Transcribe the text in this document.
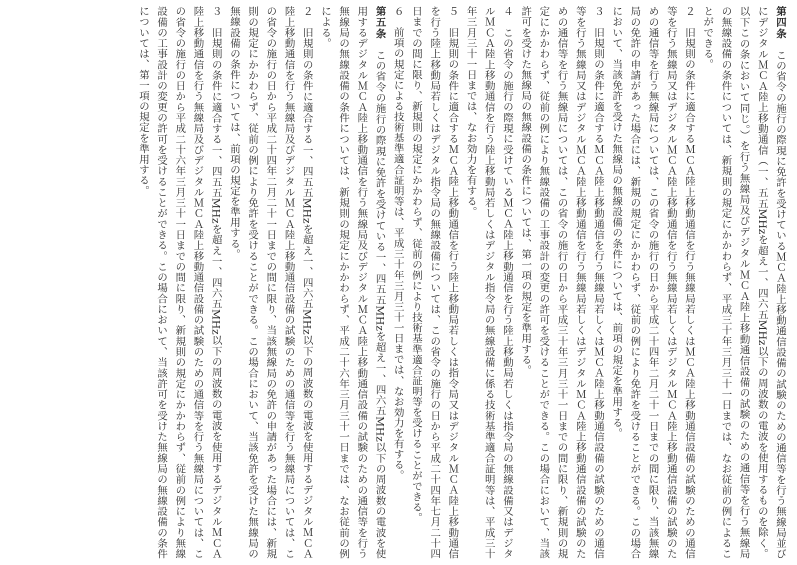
第四条　この省令の施行の際現に免許を受けているＭＣＡ陸上移動通信設備の試験のための通信等を行う無線局並びにデジタルＭＣＡ陸上移動通信（一、五五MHzを超え一、四六五MHz以下の周波数の電波を使用するものを除く。以下この条において同じ。）を行う無線局及びデジタルＭＣＡ陸上移動通信設備の試験のための通信等を行う無線局の無線設備の条件については、新規則の規定にかかわらず、平成三十年三月三十一日までは、なお従前の例によることができる。

２　旧規則の条件に適合するＭＣＡ陸上移動通信を行う無線局若しくはＭＣＡ陸上移動通信設備の試験のための通信等を行う無線局又はデジタルＭＣＡ陸上移動通信を行う無線局若しくはデジタルＭＣＡ陸上移動通信設備の試験のための通信等を行う無線局については、この省令の施行の日から平成二十四年二月二十一日までの間に限り、当該無線局の免許の申請があった場合には、新規の規定にかかわらず、従前の例により免許を受けることができる。この場合において、当該免許を受けた無線局の無線設備の条件については、前項の規定を準用する。

３　旧規則の条件に適合するＭＣＡ陸上移動通信を行う無線局若しくはＭＣＡ陸上移動通信設備の試験のための通信等を行う無線局又はデジタルＭＣＡ陸上移動通信を行う無線局若しくはデジタルＭＣＡ陸上移動通信設備の試験のための通信等を行う無線局については、この省令の施行の日から平成三十年三月三十一日までの間に限り、新規則の規定にかかわらず、従前の例により無線設備の工事設計の変更の許可を受けることができる。この場合において、当該許可を受けた無線局の無線設備の条件については、第一項の規定を準用する。

４　この省令の施行の際現に受けているＭＣＡ陸上移動通信を行う陸上移動局若しくは指令局の無線設備又はデジタルＭＣＡ陸上移動通信を行う陸上移動局若しくはデジタル指令局の無線設備に係る技術基準適合証明等は、平成三十年三月三十一日までは、なお効力を有する。

５　旧規則の条件に適合するＭＣＡ陸上移動通信を行う陸上移動局若しくは指令局又はデジタルＭＣＡ陸上移動通信を行う陸上移動局若しくはデジタル指令局の無線設備については、この省令の施行の日から平成二十四年七月二十四日までの間に限り、新規則の規定にかかわらず、従前の例により技術基準適合証明等を受けることができる。

６　前項の規定による技術基準適合証明等は、平成三十年三月三十一日までは、なお効力を有する。

第五条　この省令の施行の際現に免許を受けている一、四五五MHzを超え一、四六五MHz以下の周波数の電波を使用するデジタルＭＣＡ陸上移動通信を行う無線局及びデジタルＭＣＡ陸上移動通信設備の試験のための通信等を行う無線局の無線設備の条件については、新規則の規定にかかわらず、平成二十六年三月三十一日までは、なお従前の例による。

２　旧規則の条件に適合する一、四五五MHzを超え一、四六五MHz以下の周波数の電波を使用するデジタルＭＣＡ陸上移動通信を行う無線局及びデジタルＭＣＡ陸上移動通信設備の試験のための通信等を行う無線局については、この省令の施行の日から平成二十四年二月二十一日までの間に限り、当該無線局の免許の申請があった場合には、新規則の規定にかかわらず、従前の例により免許を受けることができる。この場合において、当該免許を受けた無線局の無線設備の条件については、前項の規定を準用する。

３　旧規則の条件に適合する一、四五五MHzを超え一、四六五MHz以下の周波数の電波を使用するデジタルＭＣＡ陸上移動通信を行う無線局及びデジタルＭＣＡ陸上移動通信設備の試験のための通信等を行う無線局については、この省令の施行の日から平成二十六年三月三十一日までの間に限り、新規則の規定にかかわらず、従前の例により無線設備の工事設計の変更の許可を受けることができる。この場合において、当該許可を受けた無線局の無線設備の条件については、第一項の規定を準用する。
